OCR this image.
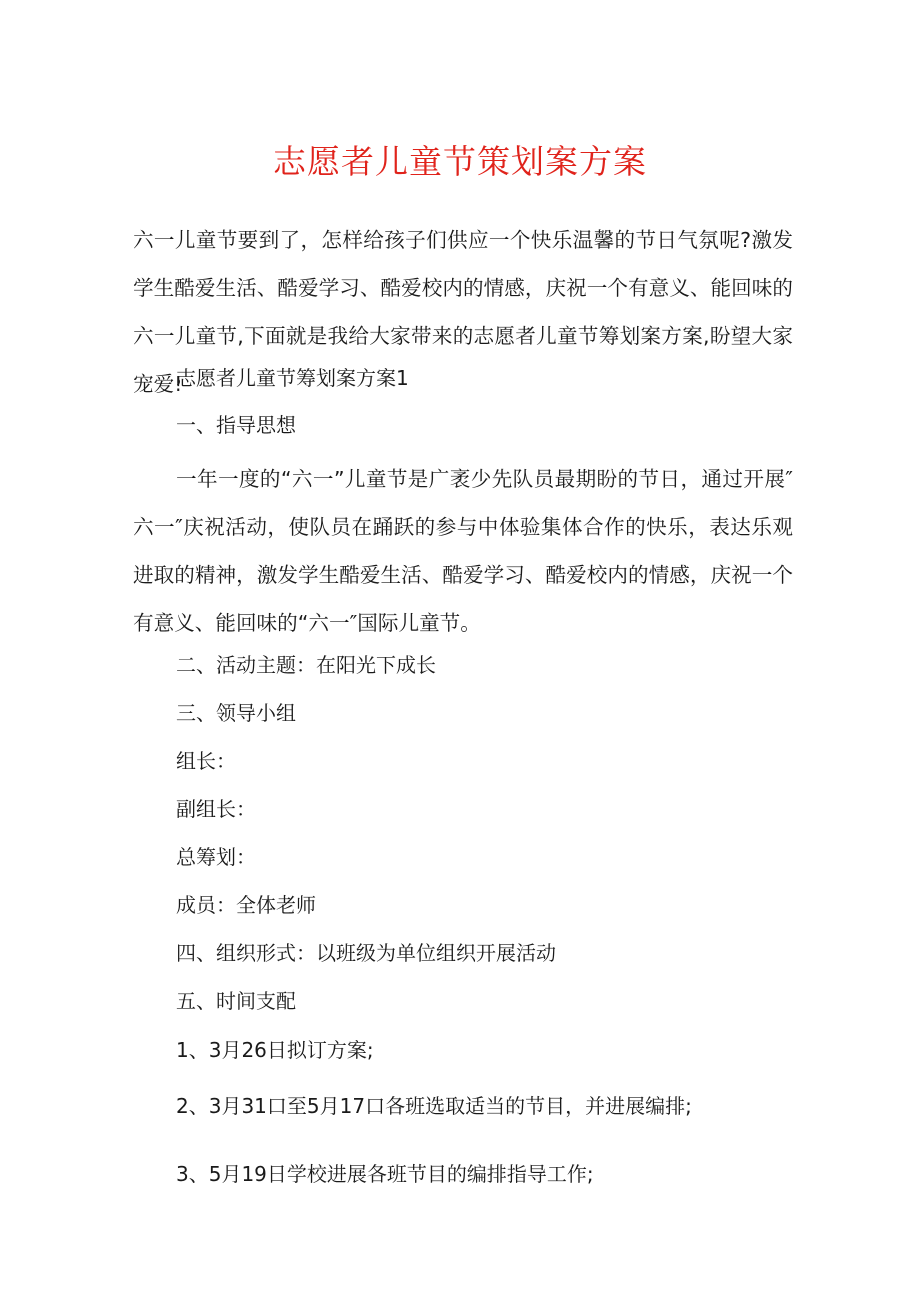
志愿者儿童节策划案方案

六一儿童节要到了，怎样给孩子们供应一个快乐温馨的节日气氛呢?激发学生酷爱生活、酷爱学习、酷爱校内的情感，庆祝一个有意义、能回味的六一儿童节,下面就是我给大家带来的志愿者儿童节筹划案方案,盼望大家宠爱!

志愿者儿童节筹划案方案1

一、指导思想

一年一度的“六一”儿童节是广袤少先队员最期盼的节日，通过开展″六一″庆祝活动，使队员在踊跃的参与中体验集体合作的快乐，表达乐观进取的精神，激发学生酷爱生活、酷爱学习、酷爱校内的情感，庆祝一个有意义、能回味的“六一″国际儿童节。

二、活动主题：在阳光下成长

三、领导小组

组长：

副组长：

总筹划：

成员：全体老师

四、组织形式：以班级为单位组织开展活动

五、时间支配

1、3月26日拟订方案;

2、3月31口至5月17口各班选取适当的节目，并进展编排;

3、5月19日学校进展各班节目的编排指导工作;
